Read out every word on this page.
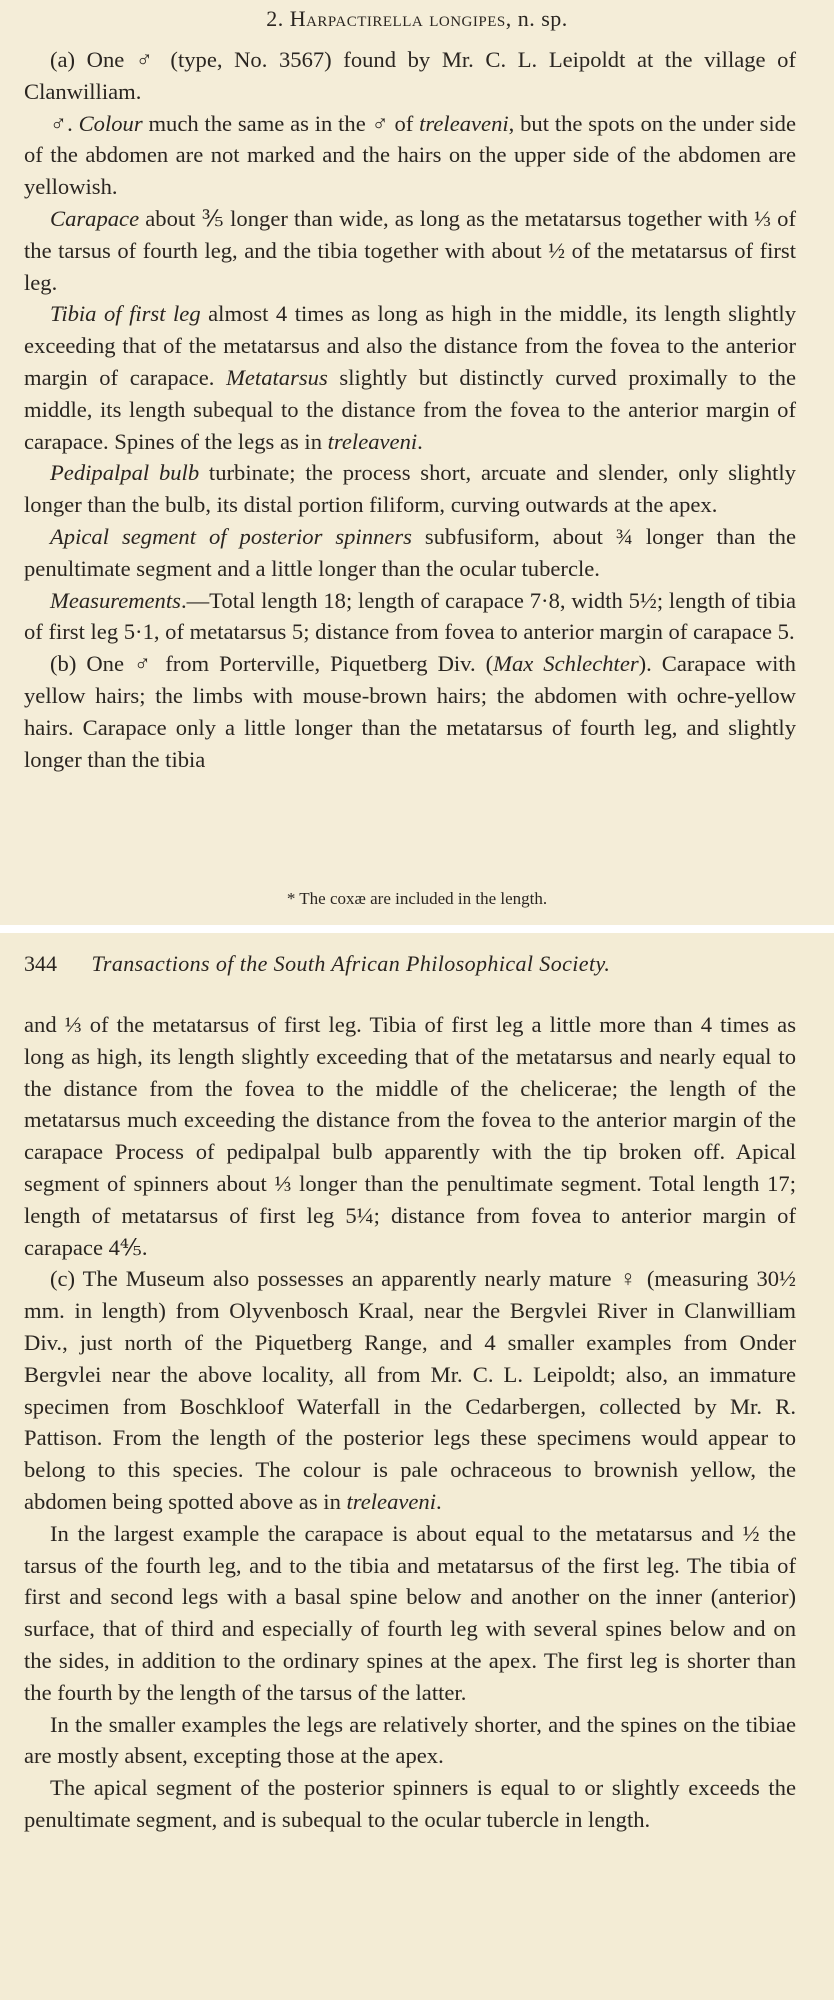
2. Harpactirella longipes, n. sp.

(a) One ♂ (type, No. 3567) found by Mr. C. L. Leipoldt at the village of Clanwilliam.

♂. Colour much the same as in the ♂ of treleaveni, but the spots on the under side of the abdomen are not marked and the hairs on the upper side of the abdomen are yellowish.

Carapace about ⅗ longer than wide, as long as the metatarsus together with ⅓ of the tarsus of fourth leg, and the tibia together with about ½ of the metatarsus of first leg.

Tibia of first leg almost 4 times as long as high in the middle, its length slightly exceeding that of the metatarsus and also the distance from the fovea to the anterior margin of carapace. Metatarsus slightly but distinctly curved proximally to the middle, its length subequal to the distance from the fovea to the anterior margin of carapace. Spines of the legs as in treleaveni.

Pedipalpal bulb turbinate; the process short, arcuate and slender, only slightly longer than the bulb, its distal portion filiform, curving outwards at the apex.

Apical segment of posterior spinners subfusiform, about ¾ longer than the penultimate segment and a little longer than the ocular tubercle.

Measurements.—Total length 18; length of carapace 7·8, width 5½; length of tibia of first leg 5·1, of metatarsus 5; distance from fovea to anterior margin of carapace 5.

(b) One ♂ from Porterville, Piquetberg Div. (Max Schlechter). Carapace with yellow hairs; the limbs with mouse-brown hairs; the abdomen with ochre-yellow hairs. Carapace only a little longer than the metatarsus of fourth leg, and slightly longer than the tibia

* The coxæ are included in the length.
344 Transactions of the South African Philosophical Society.

and ⅓ of the metatarsus of first leg. Tibia of first leg a little more than 4 times as long as high, its length slightly exceeding that of the metatarsus and nearly equal to the distance from the fovea to the middle of the chelicerae; the length of the metatarsus much exceeding the distance from the fovea to the anterior margin of the carapace Process of pedipalpal bulb apparently with the tip broken off. Apical segment of spinners about ⅓ longer than the penultimate segment. Total length 17; length of metatarsus of first leg 5¼; distance from fovea to anterior margin of carapace 4⅘.

(c) The Museum also possesses an apparently nearly mature ♀ (measuring 30½ mm. in length) from Olyvenbosch Kraal, near the Bergvlei River in Clanwilliam Div., just north of the Piquetberg Range, and 4 smaller examples from Onder Bergvlei near the above locality, all from Mr. C. L. Leipoldt; also, an immature specimen from Boschkloof Waterfall in the Cedarbergen, collected by Mr. R. Pattison. From the length of the posterior legs these specimens would appear to belong to this species. The colour is pale ochraceous to brownish yellow, the abdomen being spotted above as in treleaveni.

In the largest example the carapace is about equal to the metatarsus and ½ the tarsus of the fourth leg, and to the tibia and metatarsus of the first leg. The tibia of first and second legs with a basal spine below and another on the inner (anterior) surface, that of third and especially of fourth leg with several spines below and on the sides, in addition to the ordinary spines at the apex. The first leg is shorter than the fourth by the length of the tarsus of the latter.

In the smaller examples the legs are relatively shorter, and the spines on the tibiae are mostly absent, excepting those at the apex.

The apical segment of the posterior spinners is equal to or slightly exceeds the penultimate segment, and is subequal to the ocular tubercle in length.
